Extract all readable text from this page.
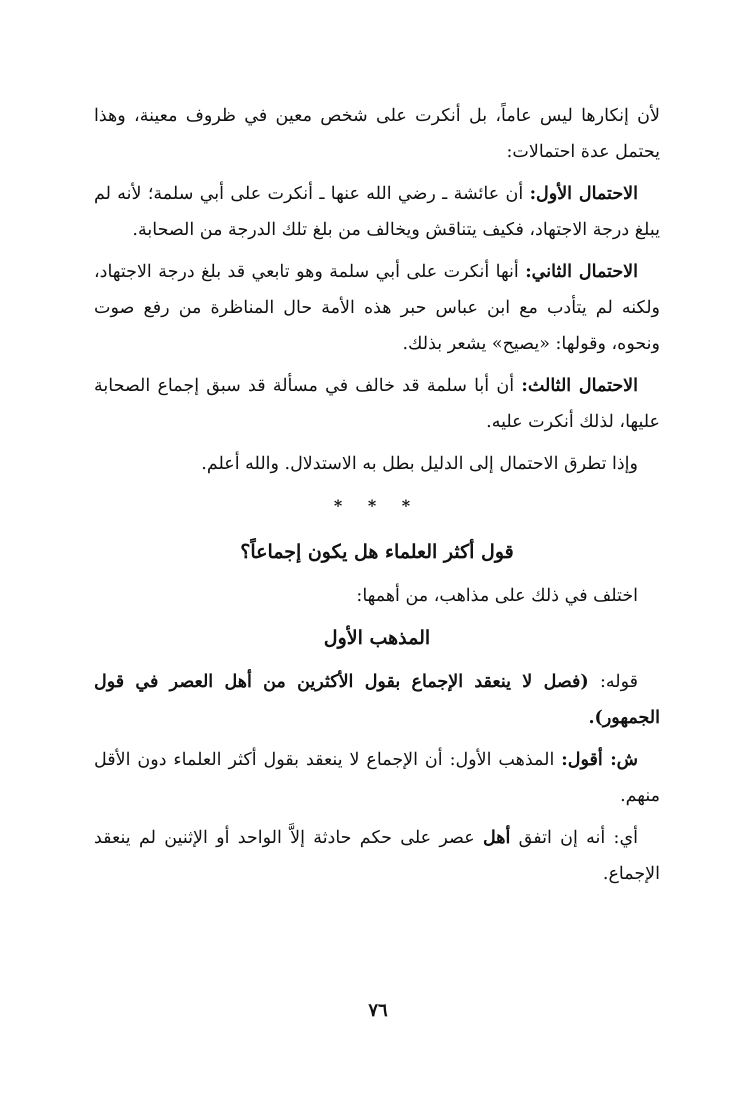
لأن إنكارها ليس عاماً، بل أنكرت على شخص معين في ظروف معينة، وهذا يحتمل عدة احتمالات:

الاحتمال الأول: أن عائشة ـ رضي الله عنها ـ أنكرت على أبي سلمة؛ لأنه لم يبلغ درجة الاجتهاد، فكيف يتناقش ويخالف من بلغ تلك الدرجة من الصحابة.

الاحتمال الثاني: أنها أنكرت على أبي سلمة وهو تابعي قد بلغ درجة الاجتهاد، ولكنه لم يتأدب مع ابن عباس حبر هذه الأمة حال المناظرة من رفع صوت ونحوه، وقولها: «يصيح» يشعر بذلك.

الاحتمال الثالث: أن أبا سلمة قد خالف في مسألة قد سبق إجماع الصحابة عليها، لذلك أنكرت عليه.

وإذا تطرق الاحتمال إلى الدليل بطل به الاستدلال. والله أعلم.

* * *
قول أكثر العلماء هل يكون إجماعاً؟

اختلف في ذلك على مذاهب، من أهمها:

المذهب الأول

قوله: (فصل لا ينعقد الإجماع بقول الأكثرين من أهل العصر في قول الجمهور).

ش: أقول: المذهب الأول: أن الإجماع لا ينعقد بقول أكثر العلماء دون الأقل منهم.

أي: أنه إن اتفق أهل عصر على حكم حادثة إلاَّ الواحد أو الإثنين لم ينعقد الإجماع.

٧٦
